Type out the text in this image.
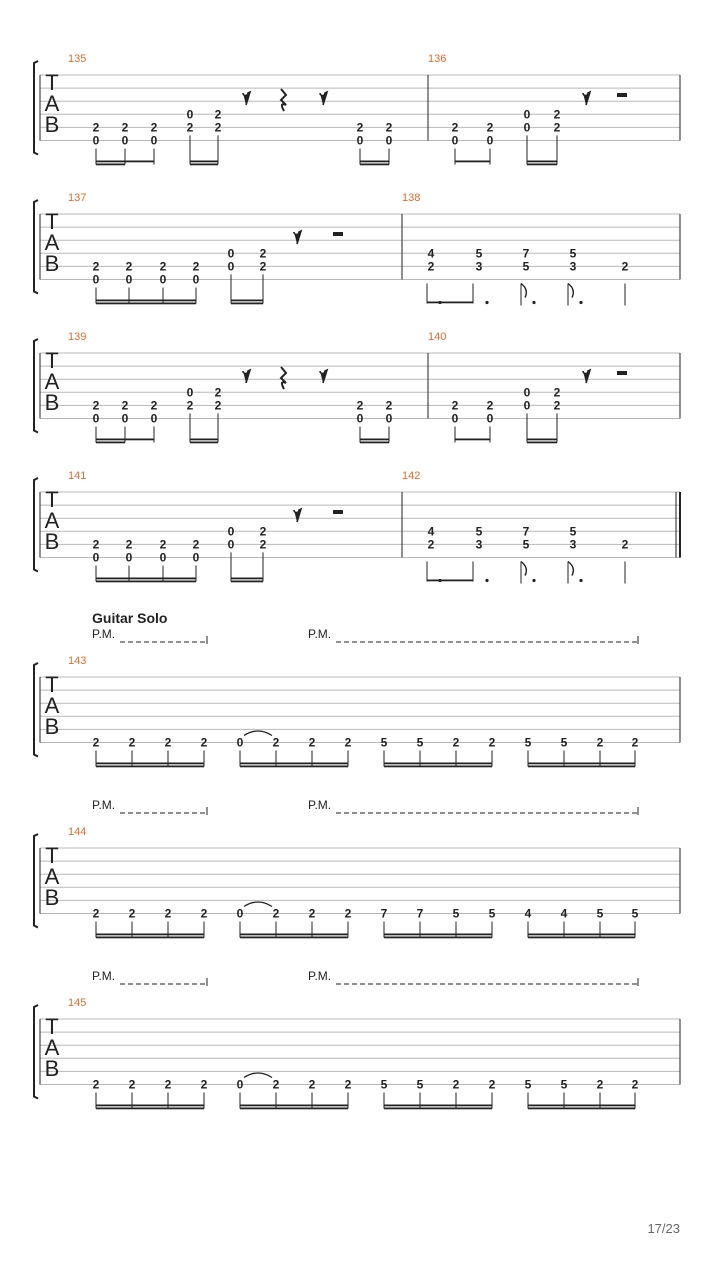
T
A
B
135	136
2
0
2
0
2
0
0
2
2
2	2
0
2
0
2
0
2
0
0
0
2
2
T
A
B
137	138
2
0
2
0
2
0
2
0
0
0
2
2
4
2
5
3
7
5
5
3	2
T
A
B
139	140
2
0
2
0
2
0
0
2
2
2	2
0
2
0
2
0
2
0
0
0
2
2
T
A
B
141	142
2
0
2
0
2
0
2
0
0
0
2
2
4
2
5
3
7
5
5
3	2
Guitar Solo
T
A
B
143
P.M.	P.M.
2 2 2 2 0 2 2 2 5 5 2 2 5 5 2 2
T
A
B
144
P.M.	P.M.
2 2 2 2 0 2 2 2 7 7 5 5 4 4 5 5
T
A
B
145
P.M.	P.M.
2 2 2 2 0 2 2 2 5 5 2 2 5 5 2 2
17/23
